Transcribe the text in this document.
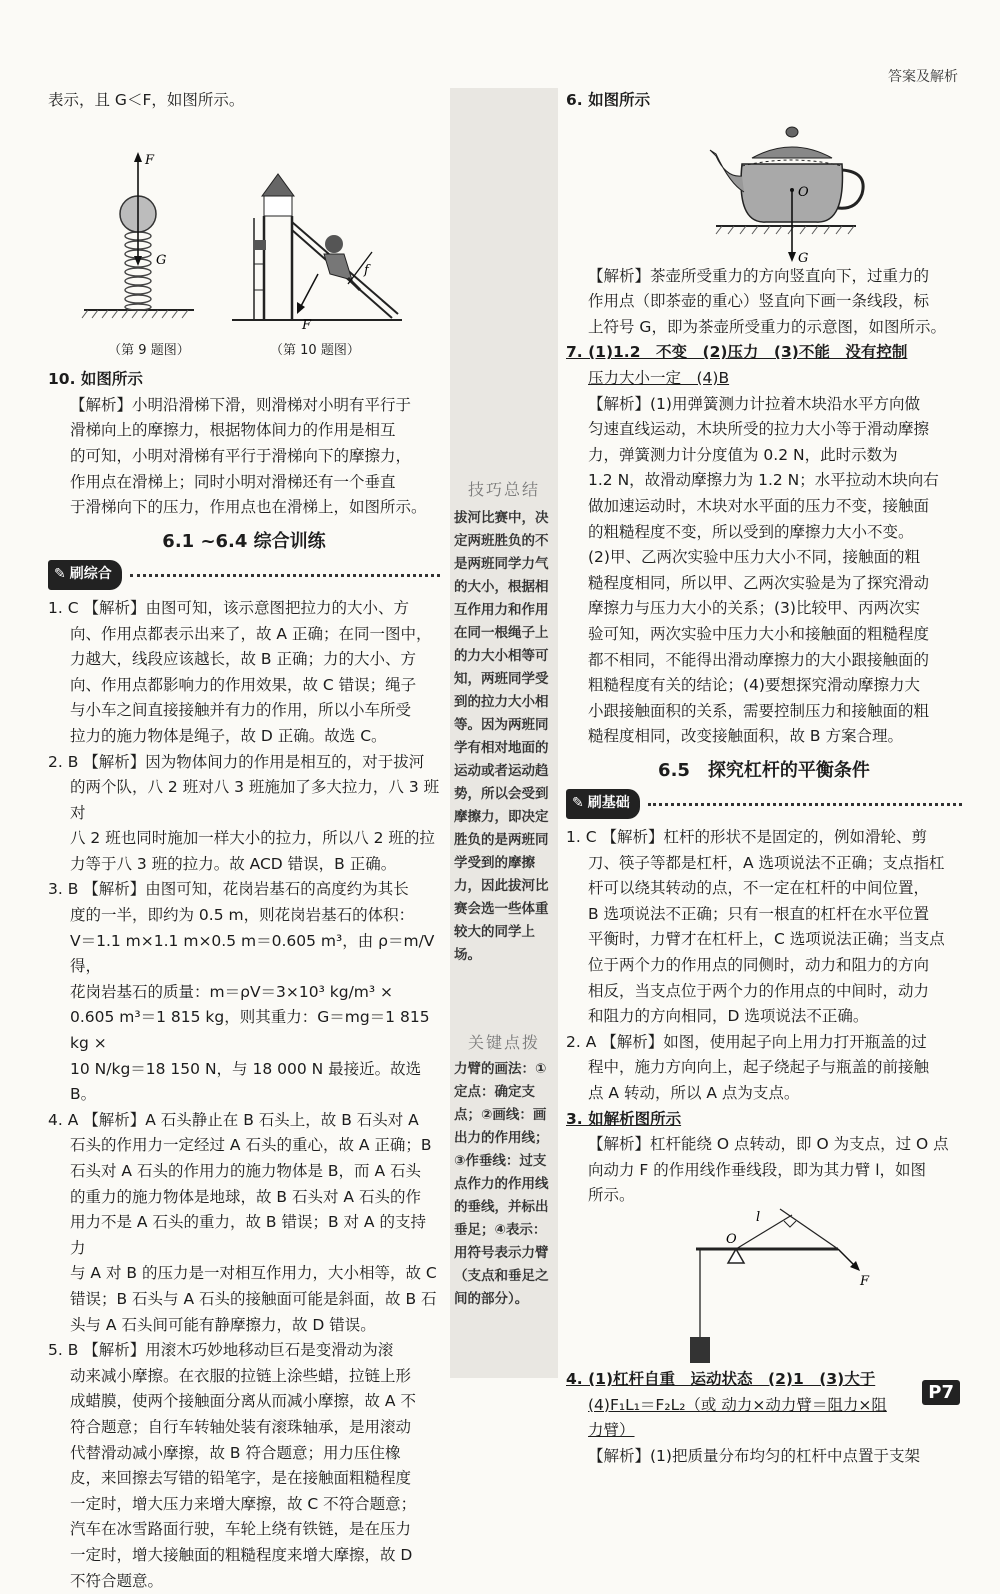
答案及解析

表示，且 G＜F，如图所示。

F
G
F
f
（第 9 题图）	（第 10 题图）

10. 如图所示

【解析】小明沿滑梯下滑，则滑梯对小明有平行于

滑梯向上的摩擦力，根据物体间力的作用是相互

的可知，小明对滑梯有平行于滑梯向下的摩擦力，

作用点在滑梯上；同时小明对滑梯还有一个垂直

于滑梯向下的压力，作用点也在滑梯上，如图所示。

6.1 ~6.4 综合训练
✎ 刷综合

1. C 【解析】由图可知，该示意图把拉力的大小、方

向、作用点都表示出来了，故 A 正确；在同一图中，

力越大，线段应该越长，故 B 正确；力的大小、方

向、作用点都影响力的作用效果，故 C 错误；绳子

与小车之间直接接触并有力的作用，所以小车所受

拉力的施力物体是绳子，故 D 正确。故选 C。

2. B 【解析】因为物体间力的作用是相互的，对于拔河

的两个队，八 2 班对八 3 班施加了多大拉力，八 3 班对

八 2 班也同时施加一样大小的拉力，所以八 2 班的拉

力等于八 3 班的拉力。故 ACD 错误，B 正确。

3. B 【解析】由图可知，花岗岩基石的高度约为其长

度的一半，即约为 0.5 m，则花岗岩基石的体积：

V＝1.1 m×1.1 m×0.5 m＝0.605 m³，由 ρ＝m/V 得，

花岗岩基石的质量：m＝ρV＝3×10³ kg/m³ ×

0.605 m³＝1 815 kg，则其重力：G＝mg＝1 815 kg ×

10 N/kg＝18 150 N，与 18 000 N 最接近。故选 B。

4. A 【解析】A 石头静止在 B 石头上，故 B 石头对 A

石头的作用力一定经过 A 石头的重心，故 A 正确；B

石头对 A 石头的作用力的施力物体是 B，而 A 石头

的重力的施力物体是地球，故 B 石头对 A 石头的作

用力不是 A 石头的重力，故 B 错误；B 对 A 的支持力

与 A 对 B 的压力是一对相互作用力，大小相等，故 C

错误；B 石头与 A 石头的接触面可能是斜面，故 B 石

头与 A 石头间可能有静摩擦力，故 D 错误。

5. B 【解析】用滚木巧妙地移动巨石是变滑动为滚

动来减小摩擦。在衣服的拉链上涂些蜡，拉链上形

成蜡膜，使两个接触面分离从而减小摩擦，故 A 不

符合题意；自行车转轴处装有滚珠轴承，是用滚动

代替滑动减小摩擦，故 B 符合题意；用力压住橡

皮，来回擦去写错的铅笔字，是在接触面粗糙程度

一定时，增大压力来增大摩擦，故 C 不符合题意；

汽车在冰雪路面行驶，车轮上绕有铁链，是在压力

一定时，增大接触面的粗糙程度来增大摩擦，故 D

不符合题意。

技巧总结
拔河比赛中，决定两班胜负的不是两班同学力气的大小，根据相互作用力和作用在同一根绳子上的力大小相等可知，两班同学受到的拉力大小相等。因为两班同学有相对地面的运动或者运动趋势，所以会受到摩擦力，即决定胜负的是两班同学受到的摩擦力，因此拔河比赛会选一些体重较大的同学上场。
关键点拨
力臂的画法：①定点：确定支点；②画线：画出力的作用线；③作垂线：过支点作力的作用线的垂线，并标出垂足；④表示：用符号表示力臂（支点和垂足之间的部分）。

6. 如图所示

O
G

【解析】茶壶所受重力的方向竖直向下，过重力的

作用点（即茶壶的重心）竖直向下画一条线段，标

上符号 G，即为茶壶所受重力的示意图，如图所示。

7. (1)1.2　不变　(2)压力　(3)不能　没有控制

压力大小一定　(4)B

【解析】(1)用弹簧测力计拉着木块沿水平方向做

匀速直线运动，木块所受的拉力大小等于滑动摩擦

力，弹簧测力计分度值为 0.2 N，此时示数为

1.2 N，故滑动摩擦力为 1.2 N；水平拉动木块向右

做加速运动时，木块对水平面的压力不变，接触面

的粗糙程度不变，所以受到的摩擦力大小不变。

(2)甲、乙两次实验中压力大小不同，接触面的粗

糙程度相同，所以甲、乙两次实验是为了探究滑动

摩擦力与压力大小的关系；(3)比较甲、丙两次实

验可知，两次实验中压力大小和接触面的粗糙程度

都不相同，不能得出滑动摩擦力的大小跟接触面的

粗糙程度有关的结论；(4)要想探究滑动摩擦力大

小跟接触面积的关系，需要控制压力和接触面的粗

糙程度相同，改变接触面积，故 B 方案合理。

6.5　探究杠杆的平衡条件
✎ 刷基础

1. C 【解析】杠杆的形状不是固定的，例如滑轮、剪

刀、筷子等都是杠杆，A 选项说法不正确；支点指杠

杆可以绕其转动的点，不一定在杠杆的中间位置，

B 选项说法不正确；只有一根直的杠杆在水平位置

平衡时，力臂才在杠杆上，C 选项说法正确；当支点

位于两个力的作用点的同侧时，动力和阻力的方向

相反，当支点位于两个力的作用点的中间时，动力

和阻力的方向相同，D 选项说法不正确。

2. A 【解析】如图，使用起子向上用力打开瓶盖的过

程中，施力方向向上，起子绕起子与瓶盖的前接触

点 A 转动，所以 A 点为支点。

3. 如解析图所示

【解析】杠杆能绕 O 点转动，即 O 为支点，过 O 点

向动力 F 的作用线作垂线段，即为其力臂 l，如图

所示。

l
O
F

4. (1)杠杆自重　运动状态　(2)1　(3)大于

(4)F₁L₁＝F₂L₂（或 动力×动力臂＝阻力×阻

力臂）

【解析】(1)把质量分布均匀的杠杆中点置于支架

P7
